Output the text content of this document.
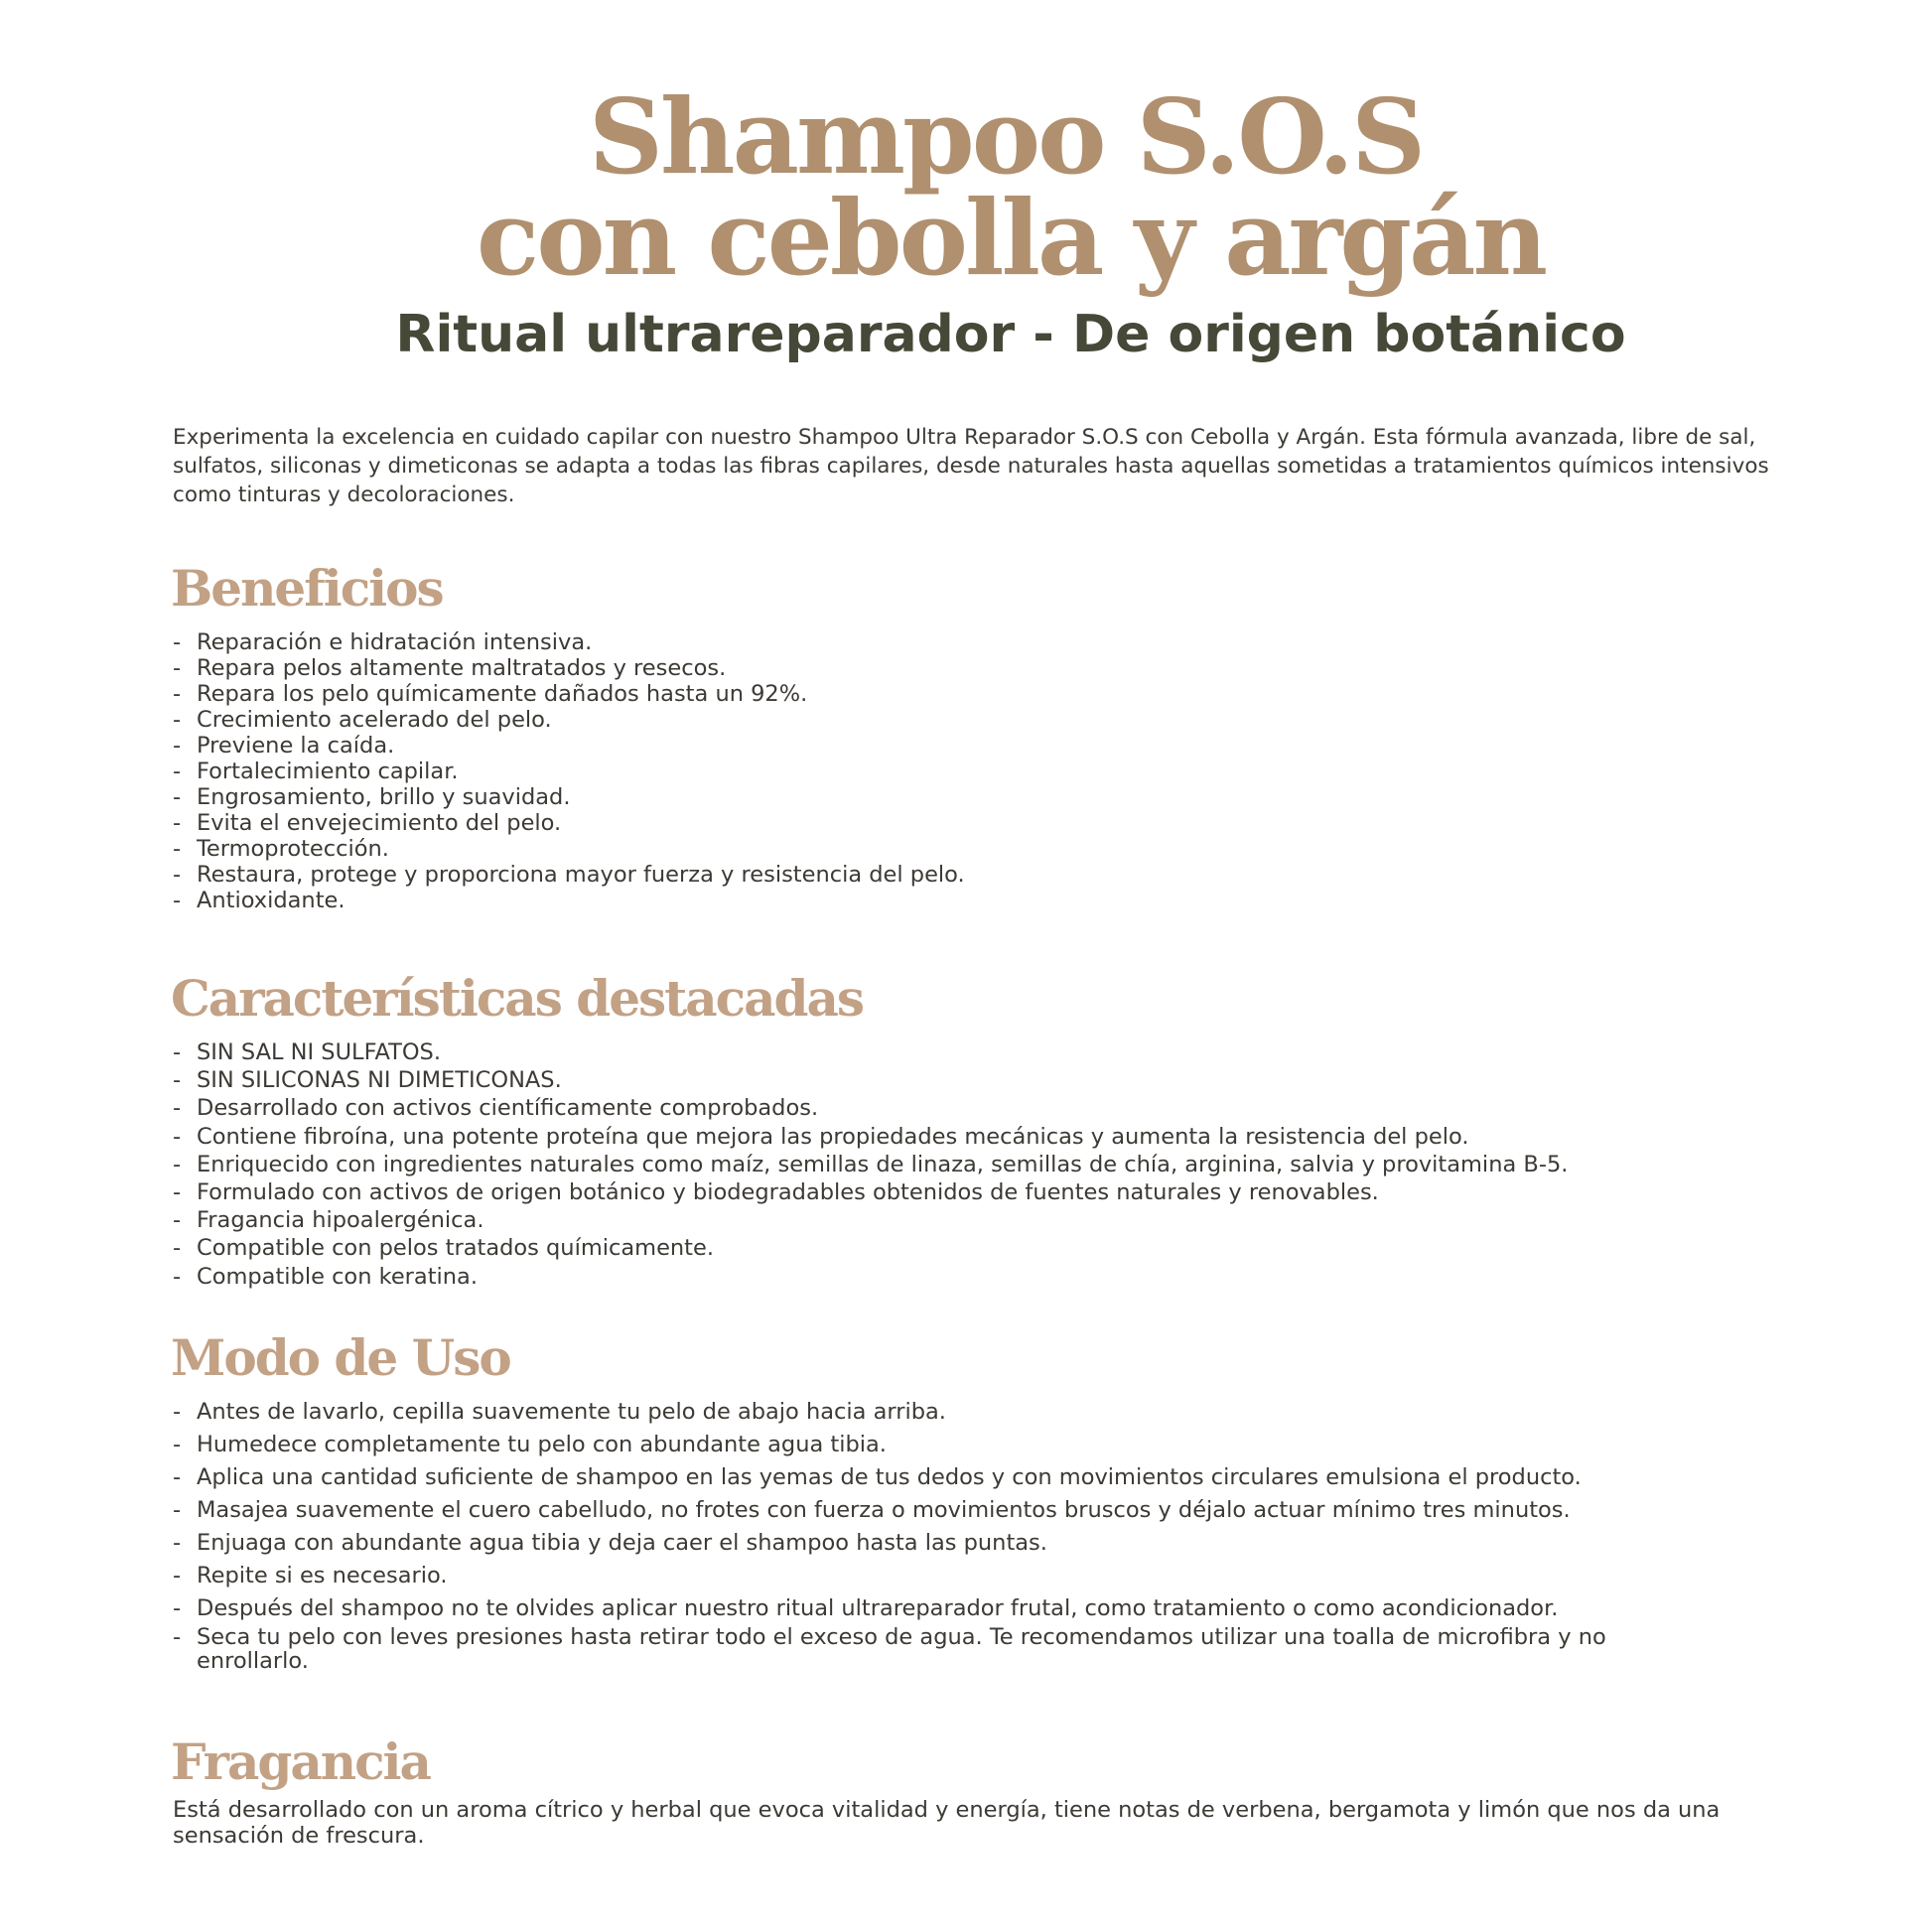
Shampoo S.O.S
con cebolla y argán
Ritual ultrareparador - De origen botánico

Experimenta la excelencia en cuidado capilar con nuestro Shampoo Ultra Reparador S.O.S con Cebolla y Argán. Esta fórmula avanzada, libre de sal, sulfatos, siliconas y dimeticonas se adapta a todas las fibras capilares, desde naturales hasta aquellas sometidas a tratamientos químicos intensivos como tinturas y decoloraciones.

Beneficios
- Reparación e hidratación intensiva.
- Repara pelos altamente maltratados y resecos.
- Repara los pelo químicamente dañados hasta un 92%.
- Crecimiento acelerado del pelo.
- Previene la caída.
- Fortalecimiento capilar.
- Engrosamiento, brillo y suavidad.
- Evita el envejecimiento del pelo.
- Termoprotección.
- Restaura, protege y proporciona mayor fuerza y resistencia del pelo.
- Antioxidante.
Características destacadas
- SIN SAL NI SULFATOS.
- SIN SILICONAS NI DIMETICONAS.
- Desarrollado con activos científicamente comprobados.
- Contiene fibroína, una potente proteína que mejora las propiedades mecánicas y aumenta la resistencia del pelo.
- Enriquecido con ingredientes naturales como maíz, semillas de linaza, semillas de chía, arginina, salvia y provitamina B-5.
- Formulado con activos de origen botánico y biodegradables obtenidos de fuentes naturales y renovables.
- Fragancia hipoalergénica.
- Compatible con pelos tratados químicamente.
- Compatible con keratina.
Modo de Uso
- Antes de lavarlo, cepilla suavemente tu pelo de abajo hacia arriba.
- Humedece completamente tu pelo con abundante agua tibia.
- Aplica una cantidad suficiente de shampoo en las yemas de tus dedos y con movimientos circulares emulsiona el producto.
- Masajea suavemente el cuero cabelludo, no frotes con fuerza o movimientos bruscos y déjalo actuar mínimo tres minutos.
- Enjuaga con abundante agua tibia y deja caer el shampoo hasta las puntas.
- Repite si es necesario.
- Después del shampoo no te olvides aplicar nuestro ritual ultrareparador frutal, como tratamiento o como acondicionador.
- Seca tu pelo con leves presiones hasta retirar todo el exceso de agua. Te recomendamos utilizar una toalla de microfibra y no enrollarlo.
Fragancia

Está desarrollado con un aroma cítrico y herbal que evoca vitalidad y energía, tiene notas de verbena, bergamota y limón que nos da una sensación de frescura.
